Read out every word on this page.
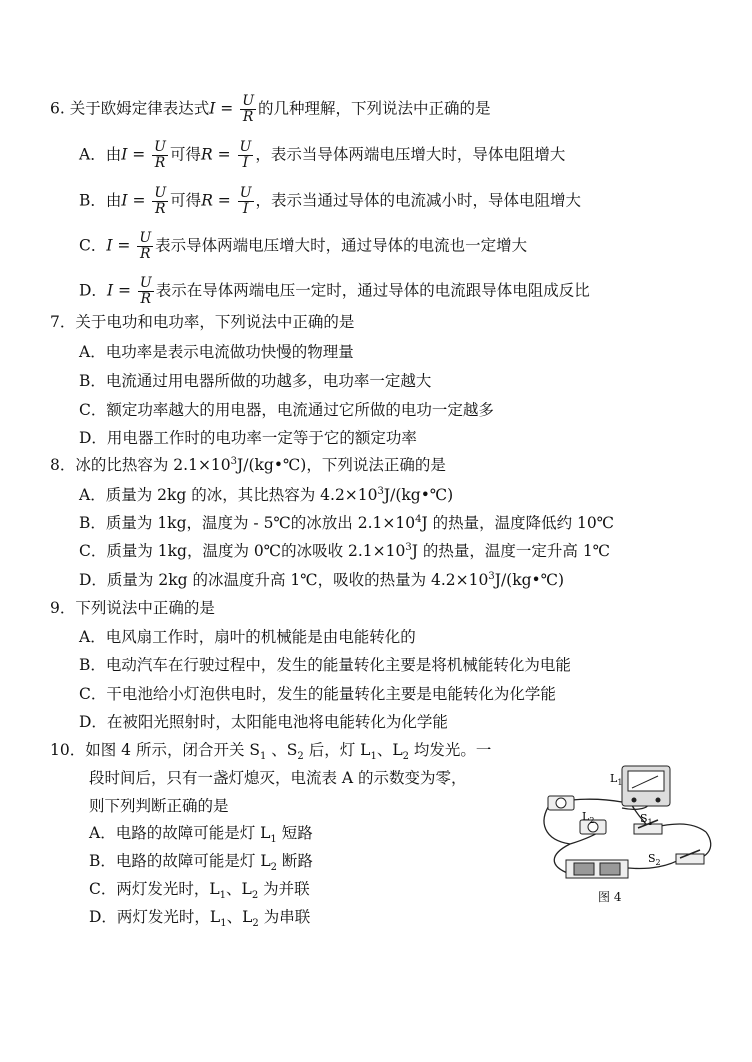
6. 关于欧姆定律表达式$I = \frac{U}{R}$ 的几种理解，下列说法中正确的是
A．由$I = \frac{U}{R}$ 可得$R = \frac{U}{I}$ ，表示当导体两端电压增大时，导体电阻增大
B．由$I = \frac{U}{R}$ 可得$R = \frac{U}{I}$ ，表示当通过导体的电流减小时，导体电阻增大
C．$I = \frac{U}{R}$ 表示导体两端电压增大时，通过导体的电流也一定增大
D．$I = \frac{U}{R}$ 表示在导体两端电压一定时，通过导体的电流跟导体电阻成反比
7．关于电功和电功率，下列说法中正确的是
A．电功率是表示电流做功快慢的物理量
B．电流通过用电器所做的功越多，电功率一定越大
C．额定功率越大的用电器，电流通过它所做的电功一定越多
D．用电器工作时的电功率一定等于它的额定功率
8．冰的比热容为 $2.1\times 10^3J/(kg•℃)$，下列说法正确的是
A．质量为 2kg 的冰，其比热容为 $4.2\times 10^3J/(kg•℃)$
B．质量为 1kg，温度为 - 5℃的冰放出 $2.1\times 10^4J$ 的热量，温度降低约 10℃
C．质量为 1kg，温度为 0℃的冰吸收 $2.1\times 10^3J$ 的热量，温度一定升高 1℃
D．质量为 2kg 的冰温度升高 1℃，吸收的热量为 $4.2\times 10^3J/(kg•℃)$
9．下列说法中正确的是
A．电风扇工作时，扇叶的机械能是由电能转化的
B．电动汽车在行驶过程中，发生的能量转化主要是将机械能转化为电能
C．干电池给小灯泡供电时，发生的能量转化主要是电能转化为化学能
D．在被阳光照射时，太阳能电池将电能转化为化学能
10．如图 4 所示，闭合开关 $S_1$ 、$S_2$ 后，灯 $L_1$、$L_2$ 均发光。一
段时间后，只有一盏灯熄灭，电流表 A 的示数变为零，
则下列判断正确的是
A．电路的故障可能是灯 $L_1$ 短路
B．电路的故障可能是灯 $L_2$ 断路
C．两灯发光时，$L_1$、$L_2$ 为并联
D．两灯发光时，$L_1$、$L_2$ 为串联
$L_1$
$L_2$	$S_1$
$S_2$
图 4
